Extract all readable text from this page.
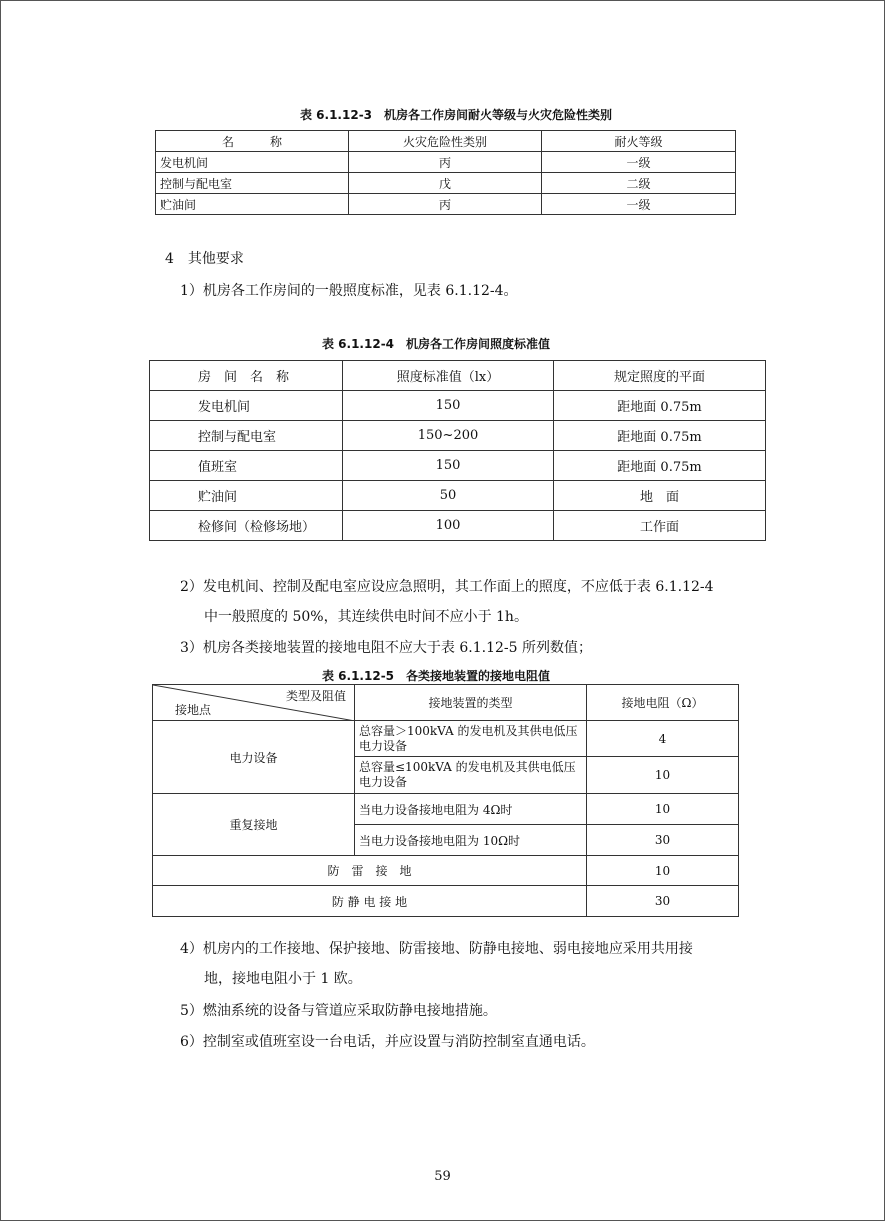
表 6.1.12-3　机房各工作房间耐火等级与火灾危险性类别
名　　　称	火灾危险性类别	耐火等级
发电机间	丙	一级
控制与配电室	戊	二级
贮油间	丙	一级
4　其他要求
1）机房各工作房间的一般照度标准，见表 6.1.12-4。
表 6.1.12-4　机房各工作房间照度标准值
房　间　名　称	照度标准值（lx）	规定照度的平面
发电机间	150	距地面 0.75m
控制与配电室	150~200	距地面 0.75m
值班室	150	距地面 0.75m
贮油间	50	地　面
检修间（检修场地）	100	工作面
2）发电机间、控制及配电室应设应急照明，其工作面上的照度，不应低于表 6.1.12-4
中一般照度的 50%，其连续供电时间不应小于 1h。
3）机房各类接地装置的接地电阻不应大于表 6.1.12-5 所列数值；
表 6.1.12-5　各类接地装置的接地电阻值
类型及阻值
接地点	接地装置的类型	接地电阻（Ω）
电力设备	总容量＞100kVA 的发电机及其供电低压电力设备	4
	总容量≤100kVA 的发电机及其供电低压电力设备	10
重复接地	当电力设备接地电阻为 4Ω时	10
	当电力设备接地电阻为 10Ω时	30
防　雷　接　地		10
防 静 电 接 地		30
4）机房内的工作接地、保护接地、防雷接地、防静电接地、弱电接地应采用共用接
地，接地电阻小于 1 欧。
5）燃油系统的设备与管道应采取防静电接地措施。
6）控制室或值班室设一台电话，并应设置与消防控制室直通电话。
59
